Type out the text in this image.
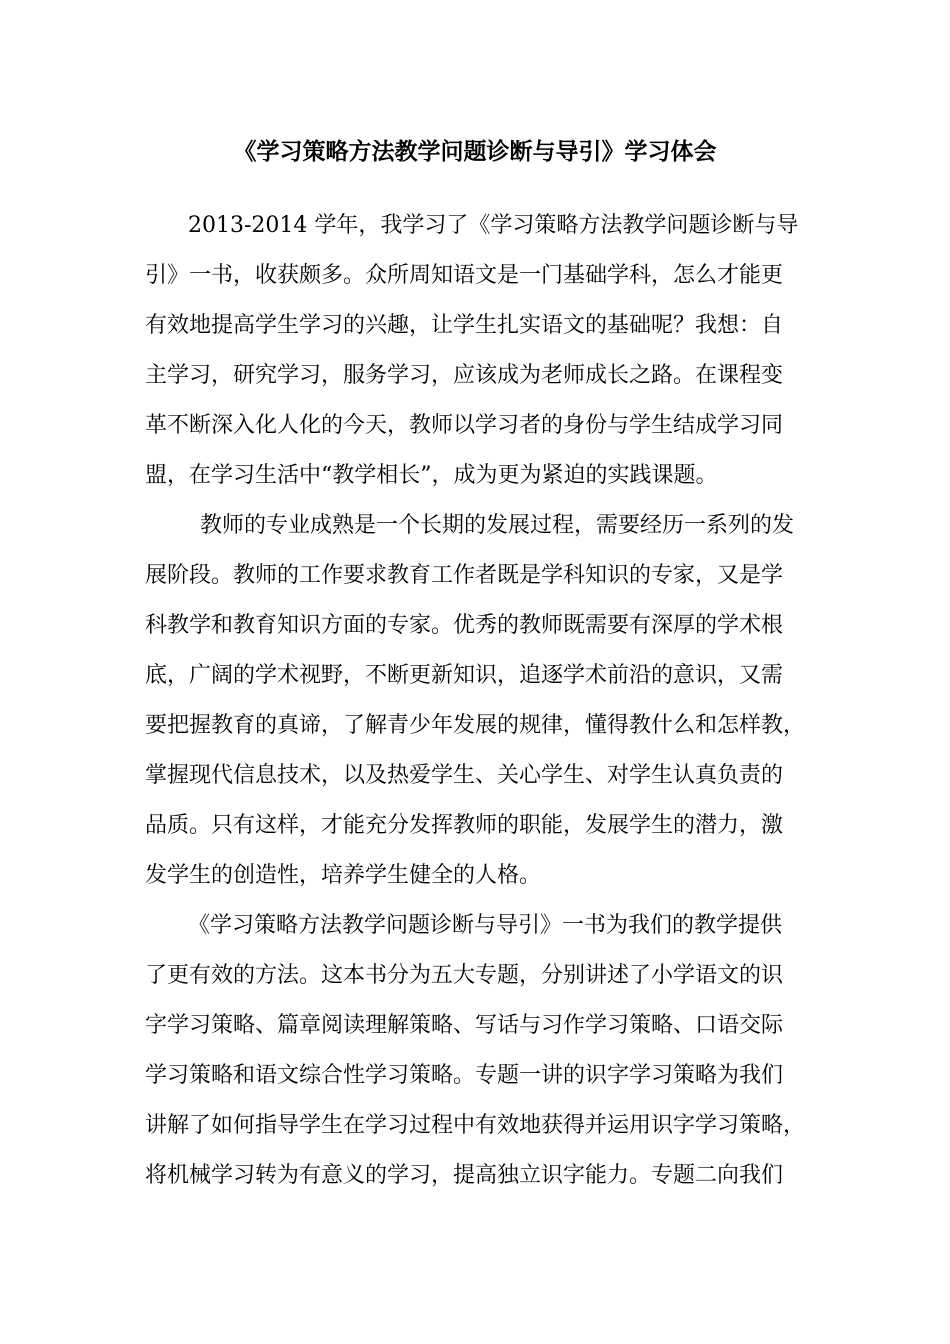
《学习策略方法教学问题诊断与导引》学习体会
2013-2014 学年，我学习了《学习策略方法教学问题诊断与导
引》一书，收获颇多。众所周知语文是一门基础学科，怎么才能更
有效地提高学生学习的兴趣，让学生扎实语文的基础呢？我想：自
主学习，研究学习，服务学习，应该成为老师成长之路。在课程变
革不断深入化人化的今天，教师以学习者的身份与学生结成学习同
盟，在学习生活中“教学相长”，成为更为紧迫的实践课题。
教师的专业成熟是一个长期的发展过程，需要经历一系列的发
展阶段。教师的工作要求教育工作者既是学科知识的专家，又是学
科教学和教育知识方面的专家。优秀的教师既需要有深厚的学术根
底，广阔的学术视野，不断更新知识，追逐学术前沿的意识，又需
要把握教育的真谛，了解青少年发展的规律，懂得教什么和怎样教，
掌握现代信息技术，以及热爱学生、关心学生、对学生认真负责的
品质。只有这样，才能充分发挥教师的职能，发展学生的潜力，激
发学生的创造性，培养学生健全的人格。
《学习策略方法教学问题诊断与导引》一书为我们的教学提供
了更有效的方法。这本书分为五大专题，分别讲述了小学语文的识
字学习策略、篇章阅读理解策略、写话与习作学习策略、口语交际
学习策略和语文综合性学习策略。专题一讲的识字学习策略为我们
讲解了如何指导学生在学习过程中有效地获得并运用识字学习策略，
将机械学习转为有意义的学习，提高独立识字能力。专题二向我们
